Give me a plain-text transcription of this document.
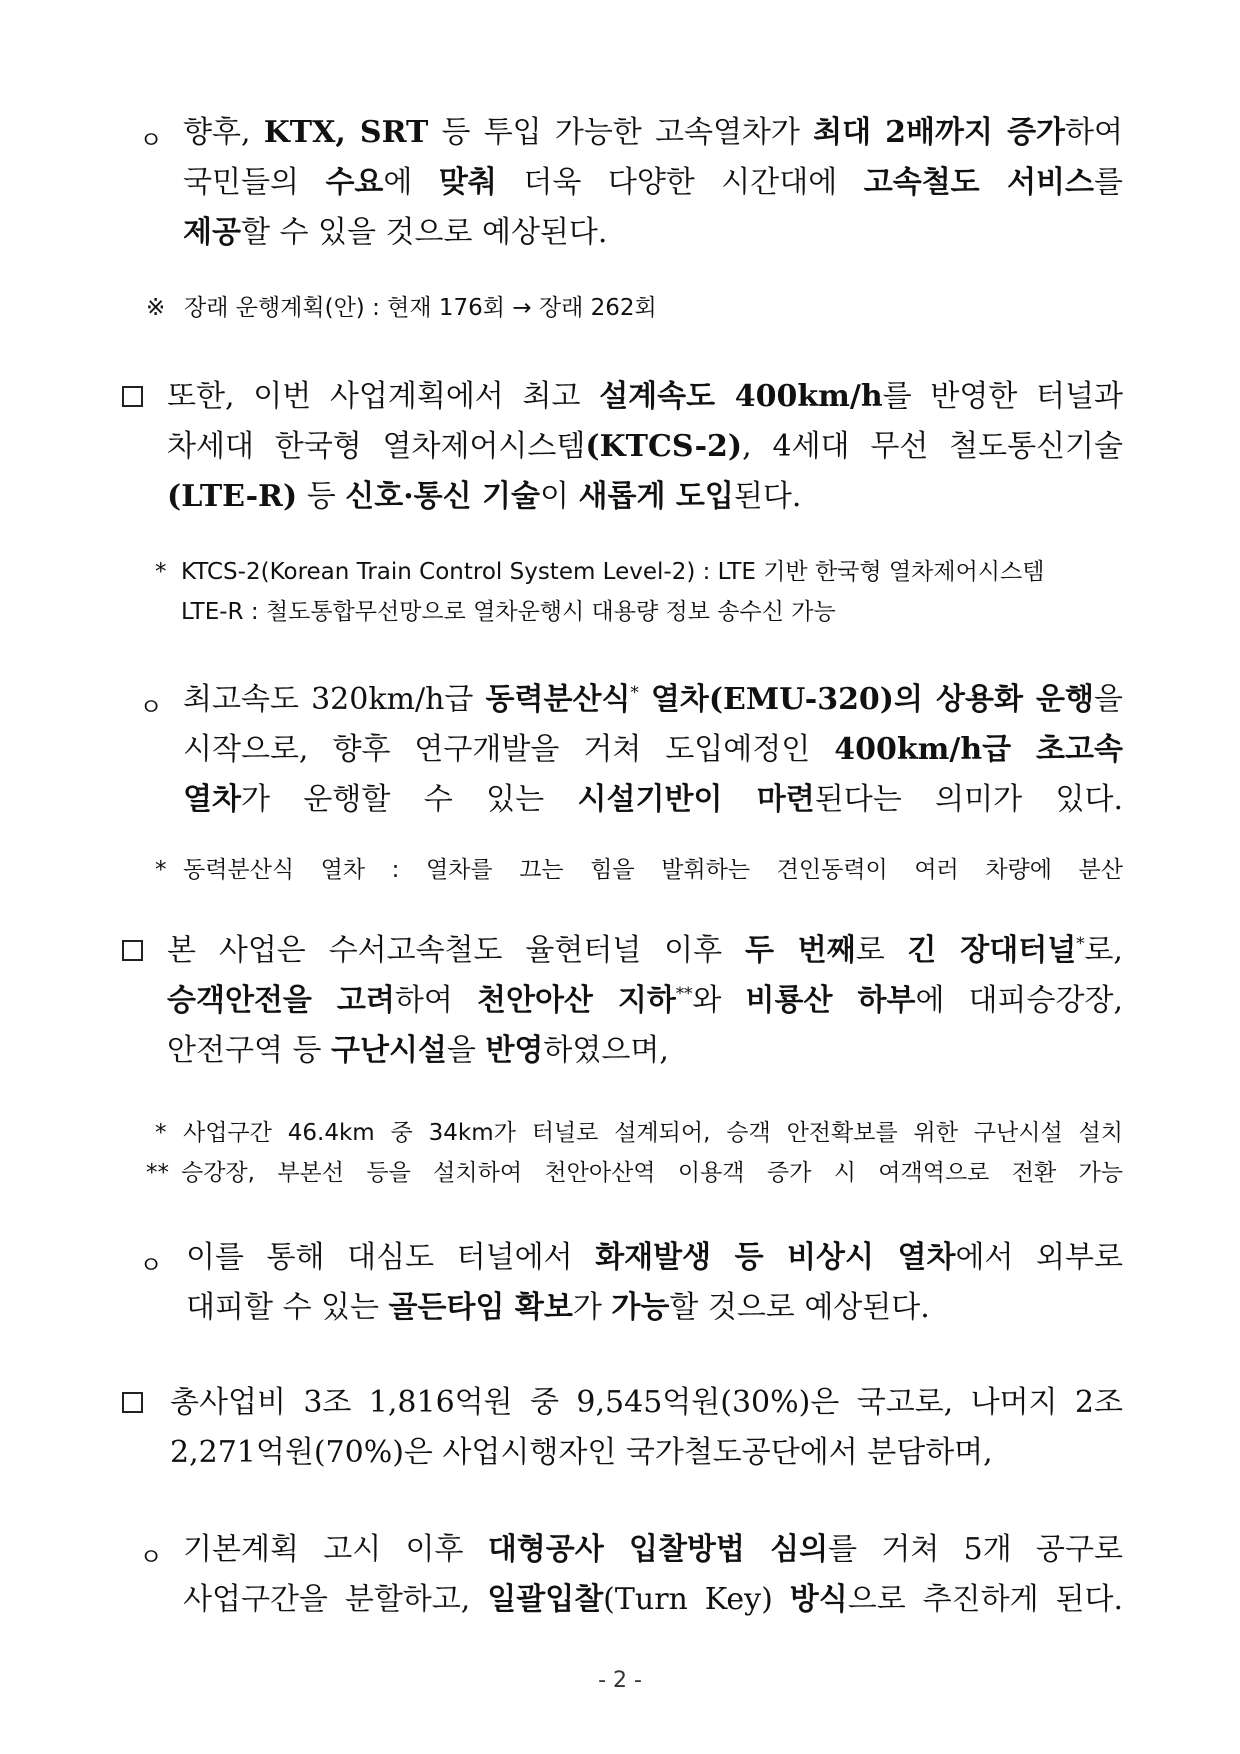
ㅇ 향후, KTX, SRT 등 투입 가능한 고속열차가 최대 2배까지 증가하여
국민들의 수요에 맞춰 더욱 다양한 시간대에 고속철도 서비스를
제공할 수 있을 것으로 예상된다.
※ 장래 운행계획(안) : 현재 176회 → 장래 262회
또한, 이번 사업계획에서 최고 설계속도 400km/h를 반영한 터널과
차세대 한국형 열차제어시스템(KTCS-2), 4세대 무선 철도통신기술
(LTE-R) 등 신호·통신 기술이 새롭게 도입된다.
* KTCS-2(Korean Train Control System Level-2) : LTE 기반 한국형 열차제어시스템
LTE-R : 철도통합무선망으로 열차운행시 대용량 정보 송수신 가능
ㅇ 최고속도 320km/h급 동력분산식* 열차(EMU-320)의 상용화 운행을
시작으로, 향후 연구개발을 거쳐 도입예정인 400km/h급 초고속
열차가 운행할 수 있는 시설기반이 마련된다는 의미가 있다.
* 동력분산식 열차 : 열차를 끄는 힘을 발휘하는 견인동력이 여러 차량에 분산
본 사업은 수서고속철도 율현터널 이후 두 번째로 긴 장대터널*로,
승객안전을 고려하여 천안아산 지하**와 비룡산 하부에 대피승강장,
안전구역 등 구난시설을 반영하였으며,
* 사업구간 46.4km 중 34km가 터널로 설계되어, 승객 안전확보를 위한 구난시설 설치
** 승강장, 부본선 등을 설치하여 천안아산역 이용객 증가 시 여객역으로 전환 가능
ㅇ 이를 통해 대심도 터널에서 화재발생 등 비상시 열차에서 외부로
대피할 수 있는 골든타임 확보가 가능할 것으로 예상된다.
총사업비 3조 1,816억원 중 9,545억원(30%)은 국고로, 나머지 2조
2,271억원(70%)은 사업시행자인 국가철도공단에서 분담하며,
ㅇ 기본계획 고시 이후 대형공사 입찰방법 심의를 거쳐 5개 공구로
사업구간을 분할하고, 일괄입찰(Turn Key) 방식으로 추진하게 된다.
- 2 -
